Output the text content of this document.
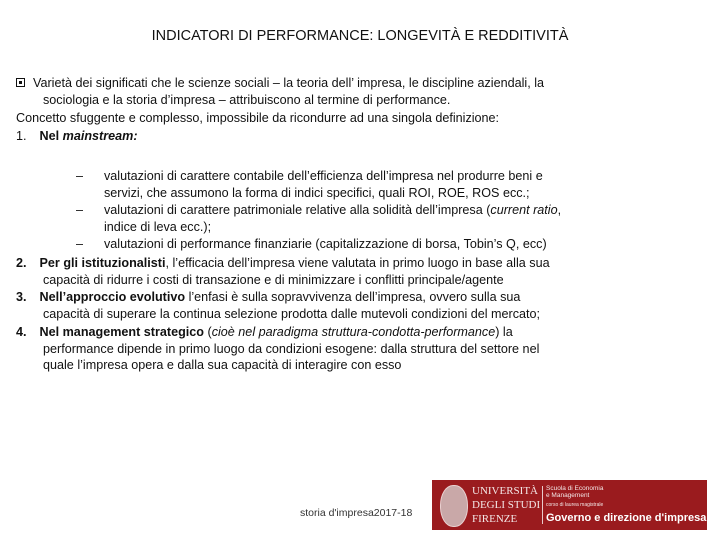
INDICATORI DI PERFORMANCE: LONGEVITÀ E REDDITIVITÀ
Varietà dei significati che le scienze sociali – la teoria dell’ impresa, le discipline aziendali, la
sociologia e la storia d’impresa – attribuiscono al termine di performance.
Concetto sfuggente e complesso, impossibile da ricondurre ad una singola definizione:
1. Nel mainstream:
– valutazioni di carattere contabile dell’efficienza dell’impresa nel produrre beni e
servizi, che assumono la forma di indici specifici, quali ROI, ROE, ROS ecc.;
– valutazioni di carattere patrimoniale relative alla solidità dell’impresa (current ratio,
indice di leva ecc.);
– valutazioni di performance finanziarie (capitalizzazione di borsa, Tobin’s Q, ecc)
2. Per gli istituzionalisti, l’efficacia dell’impresa viene valutata in primo luogo in base alla sua
capacità di ridurre i costi di transazione e di minimizzare i conflitti principale/agente
3. Nell’approccio evolutivo l’enfasi è sulla sopravvivenza dell’impresa, ovvero sulla sua
capacità di superare la continua selezione prodotta dalle mutevoli condizioni del mercato;
4. Nel management strategico (cioè nel paradigma struttura-condotta-performance) la
performance dipende in primo luogo da condizioni esogene: dalla struttura del settore nel
quale l’impresa opera e dalla sua capacità di interagire con esso
storia d'impresa2017-18
UNIVERSITÀ
DEGLI STUDI
FIRENZE
Scuola di Economia
e Management
corso di laurea magistrale
Governo e direzione d'impresa
